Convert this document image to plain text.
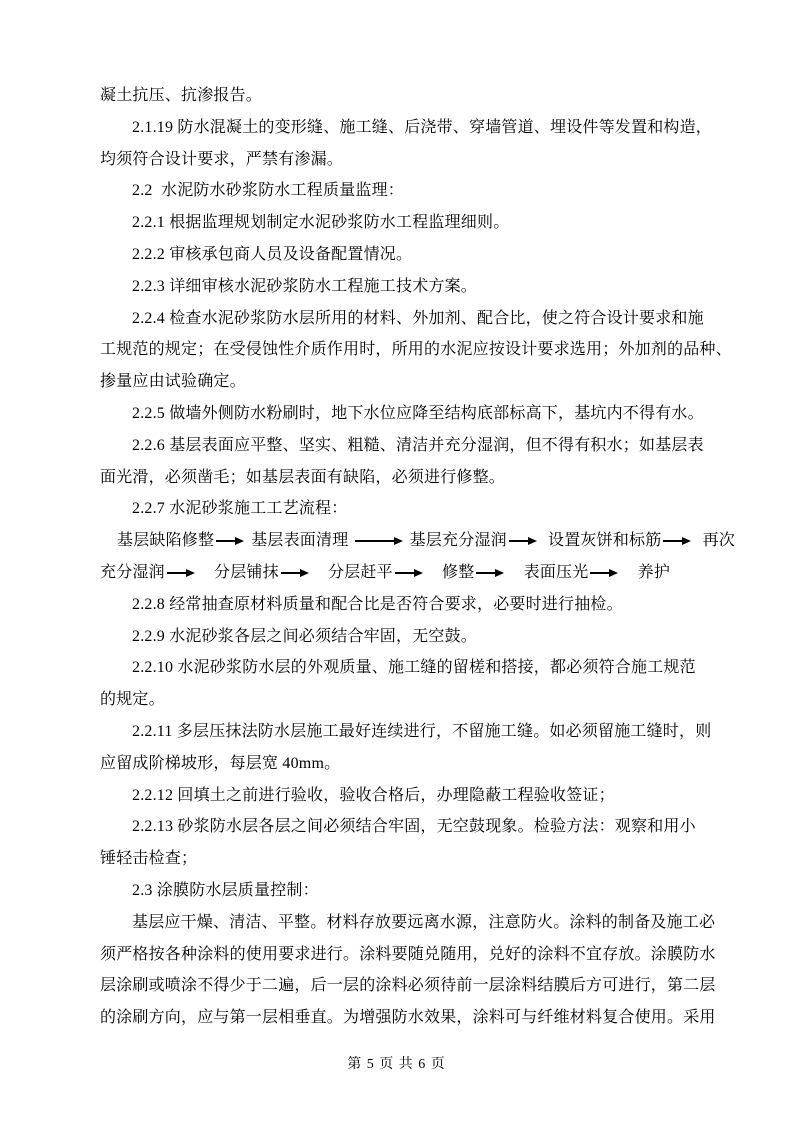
凝土抗压、抗渗报告。
2.1.19 防水混凝土的变形缝、施工缝、后浇带、穿墙管道、埋设件等发置和构造，
均须符合设计要求，严禁有渗漏。
2.2  水泥防水砂浆防水工程质量监理：
2.2.1 根据监理规划制定水泥砂浆防水工程监理细则。
2.2.2 审核承包商人员及设备配置情况。
2.2.3 详细审核水泥砂浆防水工程施工技术方案。
2.2.4 检查水泥砂浆防水层所用的材料、外加剂、配合比，使之符合设计要求和施
工规范的规定；在受侵蚀性介质作用时，所用的水泥应按设计要求选用；外加剂的品种、
掺量应由试验确定。
2.2.5 做墙外侧防水粉刷时，地下水位应降至结构底部标高下，基坑内不得有水。
2.2.6 基层表面应平整、坚实、粗糙、清洁并充分湿润，但不得有积水；如基层表
面光滑，必须凿毛；如基层表面有缺陷，必须进行修整。
2.2.7 水泥砂浆施工工艺流程：
基层缺陷修整 基层表面清理	基层充分湿润 设置灰饼和标筋 再次
充分湿润	分层铺抹	分层赶平	修整	表面压光	养护
2.2.8 经常抽查原材料质量和配合比是否符合要求，必要时进行抽检。
2.2.9 水泥砂浆各层之间必须结合牢固，无空鼓。
2.2.10 水泥砂浆防水层的外观质量、施工缝的留槎和搭接，都必须符合施工规范
的规定。
2.2.11 多层压抹法防水层施工最好连续进行，不留施工缝。如必须留施工缝时，则
应留成阶梯坡形，每层宽 40mm。
2.2.12 回填土之前进行验收，验收合格后，办理隐蔽工程验收签证；
2.2.13 砂浆防水层各层之间必须结合牢固，无空鼓现象。检验方法：观察和用小
锤轻击检查；
2.3 涂膜防水层质量控制：
基层应干燥、清洁、平整。材料存放要远离水源，注意防火。涂料的制备及施工必
须严格按各种涂料的使用要求进行。涂料要随兑随用，兑好的涂料不宜存放。涂膜防水
层涂刷或喷涂不得少于二遍，后一层的涂料必须待前一层涂料结膜后方可进行，第二层
的涂刷方向，应与第一层相垂直。为增强防水效果，涂料可与纤维材料复合使用。采用
第 5 页 共 6 页
